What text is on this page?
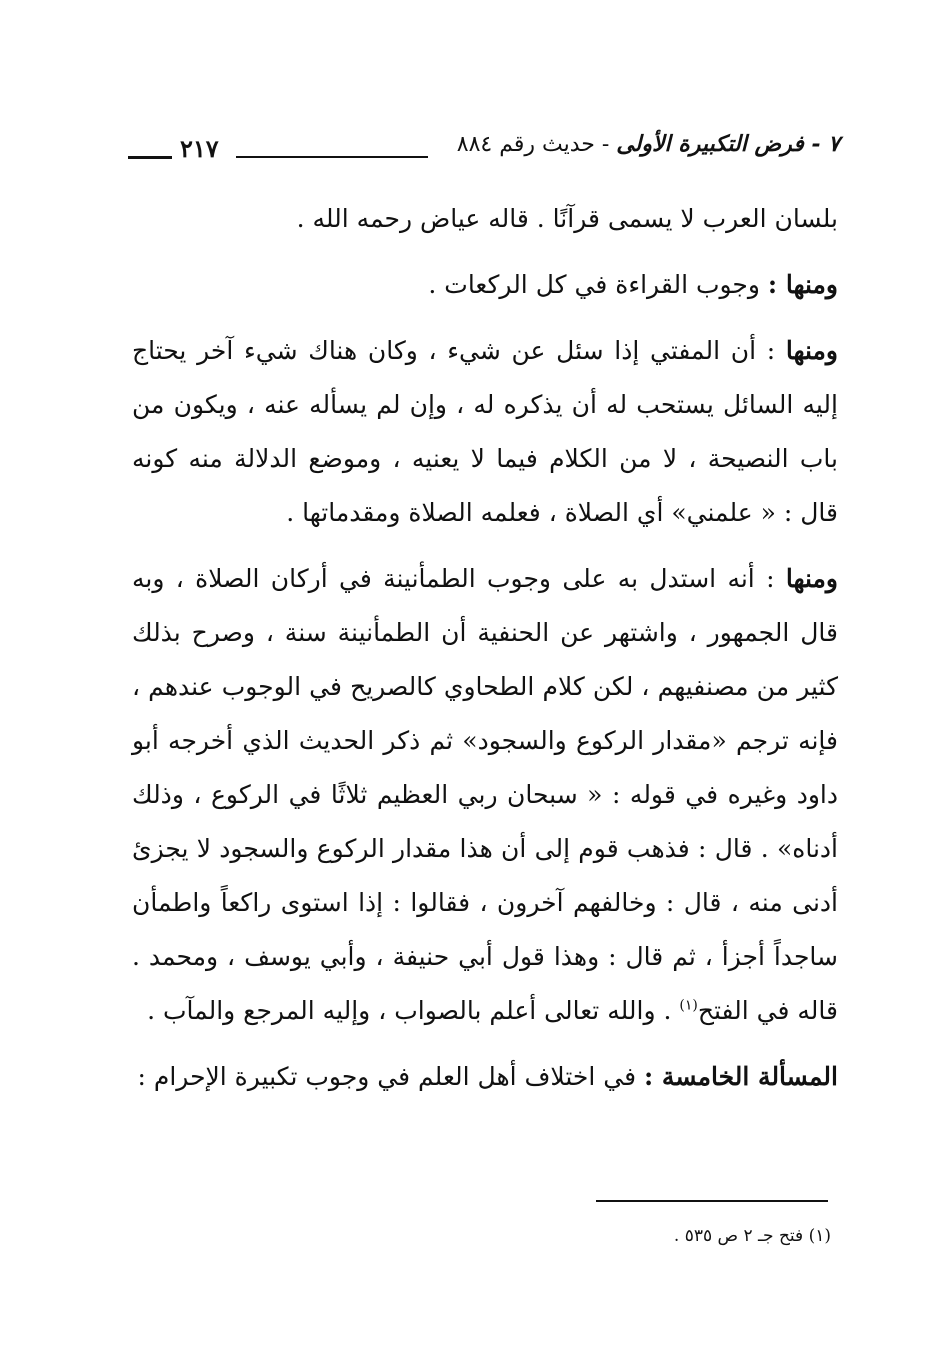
٧ - فرض التكبيرة الأولى - حديث رقم ٨٨٤
٢١٧

بلسان العرب لا يسمى قرآنًا . قاله عياض رحمه الله .

ومنها : وجوب القراءة في كل الركعات .

ومنها : أن المفتي إذا سئل عن شيء ، وكان هناك شيء آخر يحتاج إليه السائل يستحب له أن يذكره له ، وإن لم يسأله عنه ، ويكون من باب النصيحة ، لا من الكلام فيما لا يعنيه ، وموضع الدلالة منه كونه قال : « علمني» أي الصلاة ، فعلمه الصلاة ومقدماتها .

ومنها : أنه استدل به على وجوب الطمأنينة في أركان الصلاة ، وبه قال الجمهور ، واشتهر عن الحنفية أن الطمأنينة سنة ، وصرح بذلك كثير من مصنفيهم ، لكن كلام الطحاوي كالصريح في الوجوب عندهم ، فإنه ترجم «مقدار الركوع والسجود» ثم ذكر الحديث الذي أخرجه أبو داود وغيره في قوله : « سبحان ربي العظيم ثلاثًا في الركوع ، وذلك أدناه» . قال : فذهب قوم إلى أن هذا مقدار الركوع والسجود لا يجزئ أدنى منه ، قال : وخالفهم آخرون ، فقالوا : إذا استوى راكعاً واطمأن ساجداً أجزأ ، ثم قال : وهذا قول أبي حنيفة ، وأبي يوسف ، ومحمد . قاله في الفتح$^{(١)}$ . والله تعالى أعلم بالصواب ، وإليه المرجع والمآب .

المسألة الخامسة : في اختلاف أهل العلم في وجوب تكبيرة الإحرام :

(١) فتح جـ ٢ ص ٥٣٥ .
